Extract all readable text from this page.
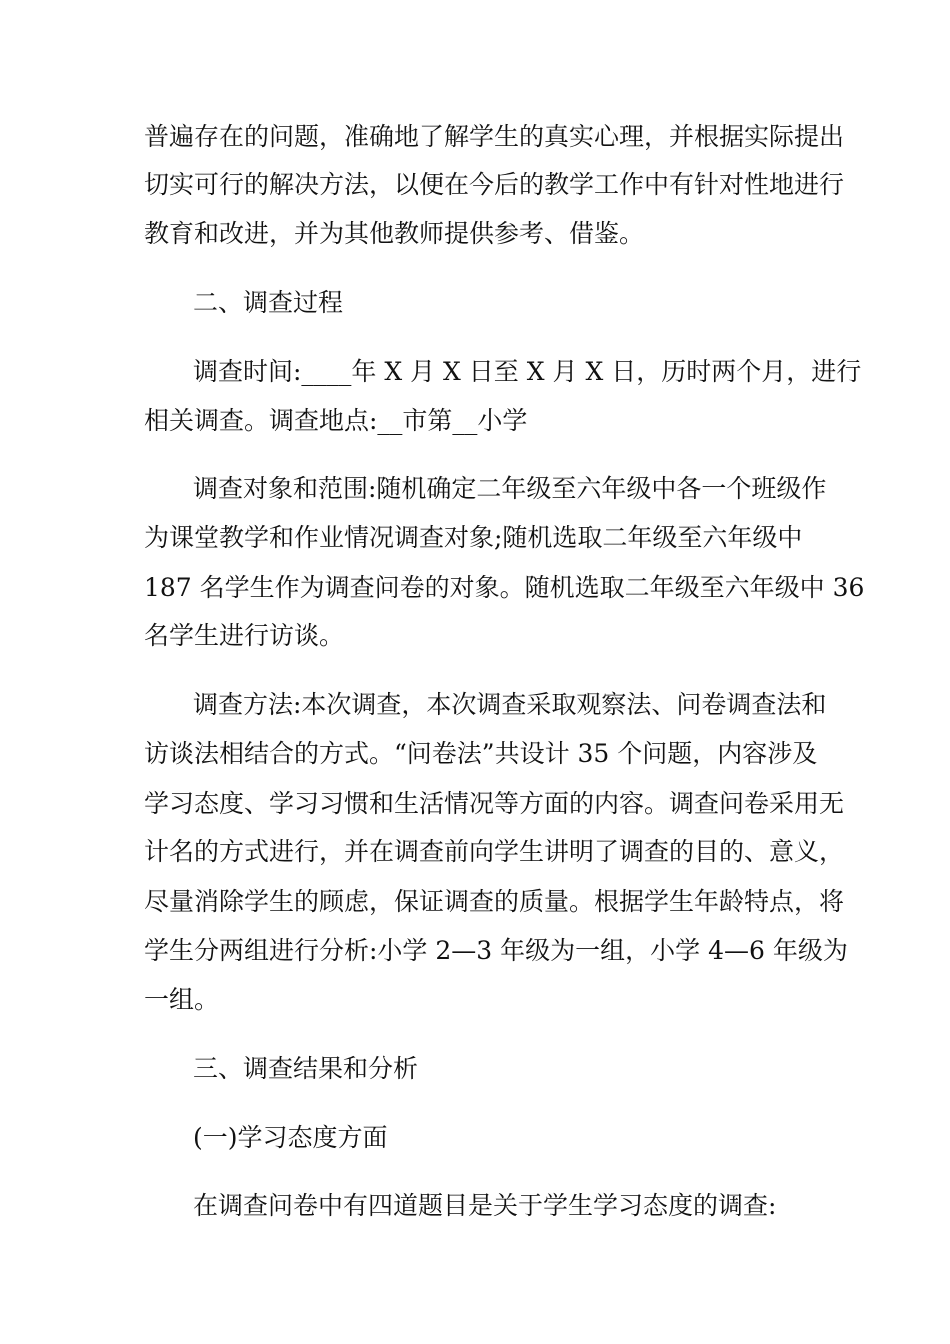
普遍存在的问题，准确地了解学生的真实心理，并根据实际提出
切实可行的解决方法，以便在今后的教学工作中有针对性地进行
教育和改进，并为其他教师提供参考、借鉴。
二、调查过程
调查时间:____年 X 月 X 日至 X 月 X 日，历时两个月，进行
相关调查。调查地点:__市第__小学
调查对象和范围:随机确定二年级至六年级中各一个班级作
为课堂教学和作业情况调查对象;随机选取二年级至六年级中
187 名学生作为调查问卷的对象。随机选取二年级至六年级中 36
名学生进行访谈。
调查方法:本次调查，本次调查采取观察法、问卷调查法和
访谈法相结合的方式。“问卷法”共设计 35 个问题，内容涉及
学习态度、学习习惯和生活情况等方面的内容。调查问卷采用无
计名的方式进行，并在调查前向学生讲明了调查的目的、意义，
尽量消除学生的顾虑，保证调查的质量。根据学生年龄特点，将
学生分两组进行分析:小学 2—3 年级为一组，小学 4—6 年级为
一组。
三、调查结果和分析
(一)学习态度方面
在调查问卷中有四道题目是关于学生学习态度的调查:
